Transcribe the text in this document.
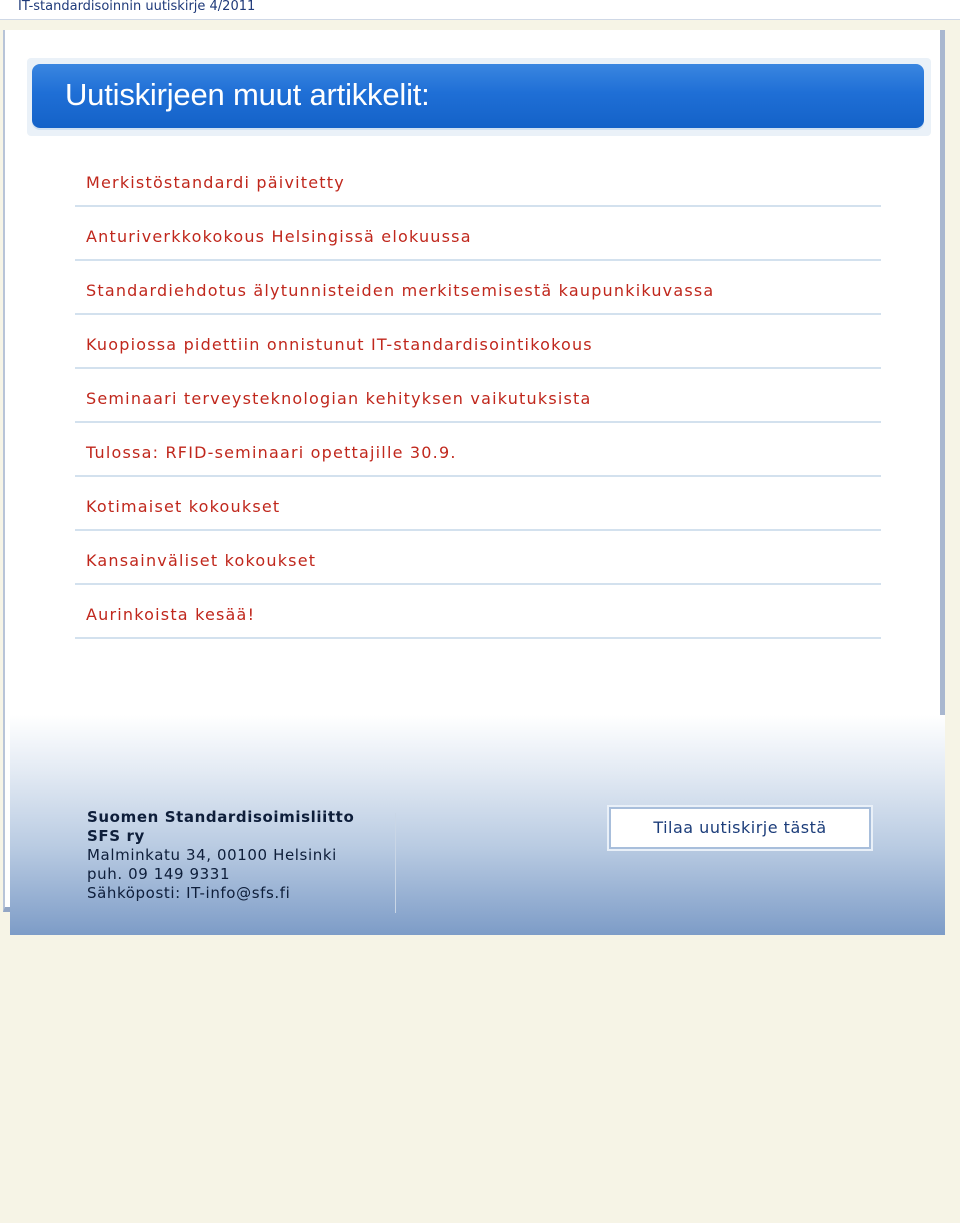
IT-standardisoinnin uutiskirje 4/2011
Uutiskirjeen muut artikkelit:
Merkistöstandardi päivitetty
Anturiverkkokokous Helsingissä elokuussa
Standardiehdotus älytunnisteiden merkitsemisestä kaupunkikuvassa
Kuopiossa pidettiin onnistunut IT-standardisointikokous
Seminaari terveysteknologian kehityksen vaikutuksista
Tulossa: RFID-seminaari opettajille 30.9.
Kotimaiset kokoukset
Kansainväliset kokoukset
Aurinkoista kesää!
Suomen Standardisoimisliitto
SFS ry
Malminkatu 34, 00100 Helsinki
puh. 09 149 9331
Sähköposti: IT-info@sfs.fi
Tilaa uutiskirje tästä
